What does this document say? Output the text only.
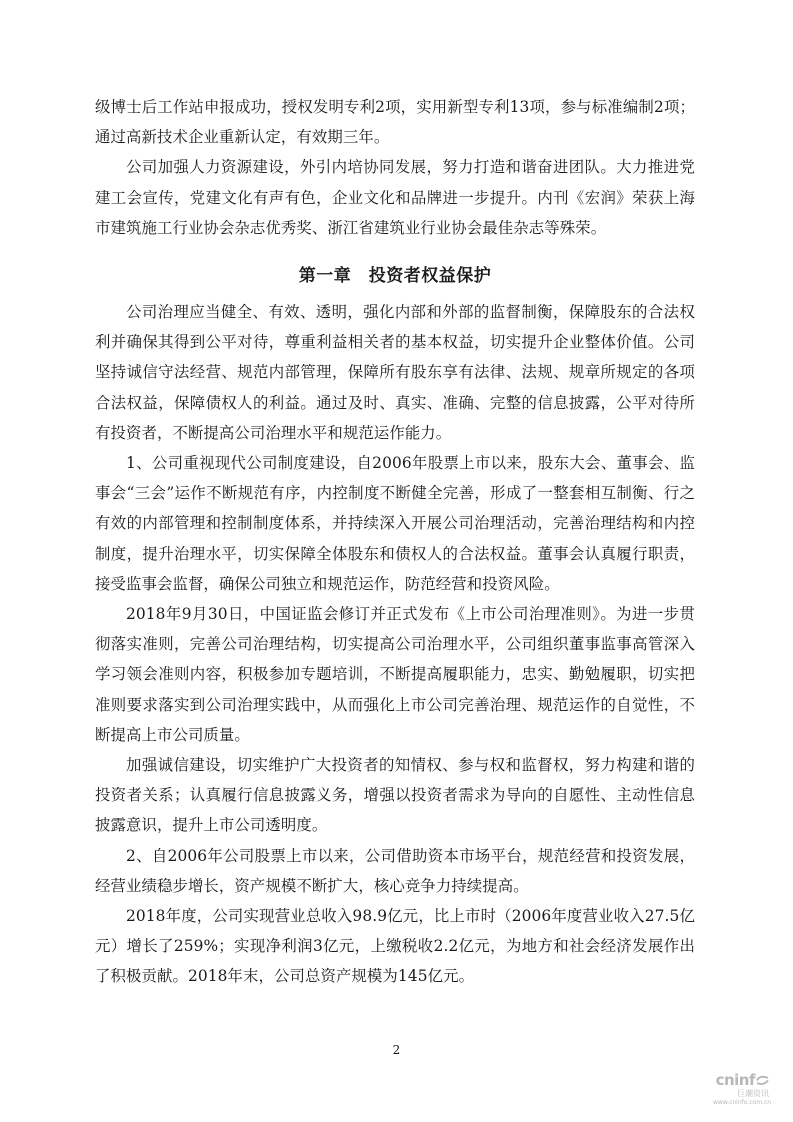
级博士后工作站申报成功，授权发明专利2项，实用新型专利13项，参与标准编制2项；通过高新技术企业重新认定，有效期三年。

公司加强人力资源建设，外引内培协同发展，努力打造和谐奋进团队。大力推进党建工会宣传，党建文化有声有色，企业文化和品牌进一步提升。内刊《宏润》荣获上海市建筑施工行业协会杂志优秀奖、浙江省建筑业行业协会最佳杂志等殊荣。

第一章　投资者权益保护

公司治理应当健全、有效、透明，强化内部和外部的监督制衡，保障股东的合法权利并确保其得到公平对待，尊重利益相关者的基本权益，切实提升企业整体价值。公司坚持诚信守法经营、规范内部管理，保障所有股东享有法律、法规、规章所规定的各项合法权益，保障债权人的利益。通过及时、真实、准确、完整的信息披露，公平对待所有投资者，不断提高公司治理水平和规范运作能力。

1、公司重视现代公司制度建设，自2006年股票上市以来，股东大会、董事会、监事会“三会”运作不断规范有序，内控制度不断健全完善，形成了一整套相互制衡、行之有效的内部管理和控制制度体系，并持续深入开展公司治理活动，完善治理结构和内控制度，提升治理水平，切实保障全体股东和债权人的合法权益。董事会认真履行职责，接受监事会监督，确保公司独立和规范运作，防范经营和投资风险。

2018年9月30日，中国证监会修订并正式发布《上市公司治理准则》。为进一步贯彻落实准则，完善公司治理结构，切实提高公司治理水平，公司组织董事监事高管深入学习领会准则内容，积极参加专题培训，不断提高履职能力，忠实、勤勉履职，切实把准则要求落实到公司治理实践中，从而强化上市公司完善治理、规范运作的自觉性，不断提高上市公司质量。

加强诚信建设，切实维护广大投资者的知情权、参与权和监督权，努力构建和谐的投资者关系；认真履行信息披露义务，增强以投资者需求为导向的自愿性、主动性信息披露意识，提升上市公司透明度。

2、自2006年公司股票上市以来，公司借助资本市场平台，规范经营和投资发展，经营业绩稳步增长，资产规模不断扩大，核心竞争力持续提高。

2018年度，公司实现营业总收入98.9亿元，比上市时（2006年度营业收入27.5亿元）增长了259%；实现净利润3亿元，上缴税收2.2亿元，为地方和社会经济发展作出了积极贡献。2018年末，公司总资产规模为145亿元。

2
cninf
巨潮资讯
www.cninfo.com.cn
